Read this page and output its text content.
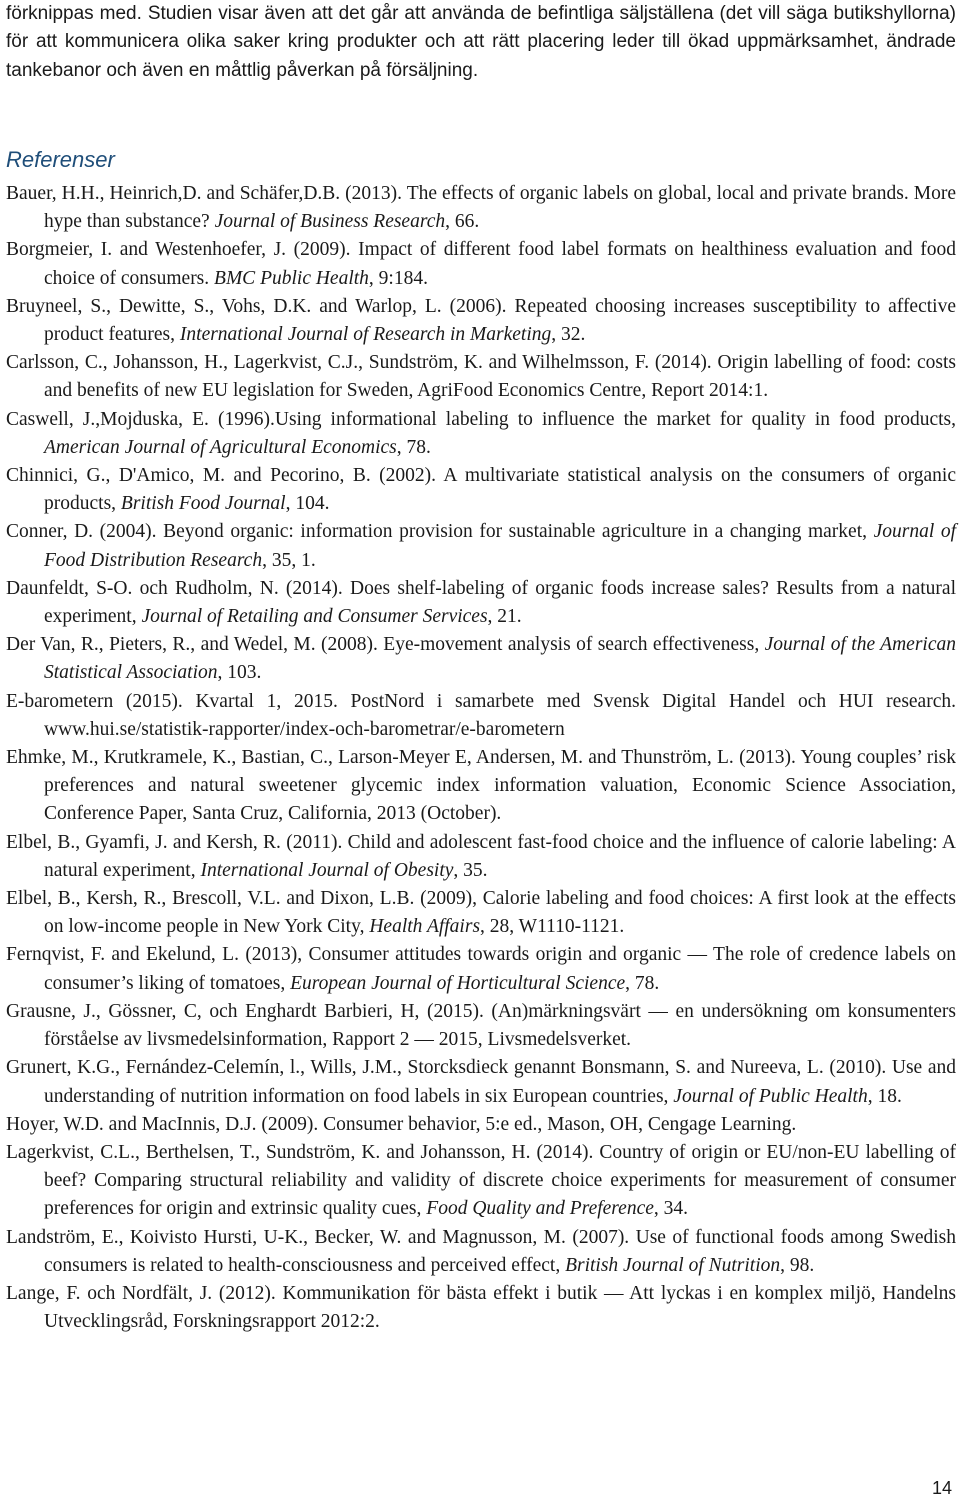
förknippas med. Studien visar även att det går att använda de befintliga säljställena (det vill säga butikshyllorna) för att kommunicera olika saker kring produkter och att rätt placering leder till ökad uppmärksamhet, ändrade tankebanor och även en måttlig påverkan på försäljning.

Referenser

Bauer, H.H., Heinrich,D. and Schäfer,D.B. (2013). The effects of organic labels on global, local and private brands. More hype than substance? Journal of Business Research, 66.

Borgmeier, I. and Westenhoefer, J. (2009). Impact of different food label formats on healthiness evaluation and food choice of consumers. BMC Public Health, 9:184.

Bruyneel, S., Dewitte, S., Vohs, D.K. and Warlop, L. (2006). Repeated choosing increases susceptibility to affective product features, International Journal of Research in Marketing, 32.

Carlsson, C., Johansson, H., Lagerkvist, C.J., Sundström, K. and Wilhelmsson, F. (2014). Origin labelling of food: costs and benefits of new EU legislation for Sweden, AgriFood Economics Centre, Report 2014:1.

Caswell, J.,Mojduska, E. (1996).Using informational labeling to influence the market for quality in food products, American Journal of Agricultural Economics, 78.

Chinnici, G., D'Amico, M. and Pecorino, B. (2002). A multivariate statistical analysis on the consumers of organic products, British Food Journal, 104.

Conner, D. (2004). Beyond organic: information provision for sustainable agriculture in a changing market, Journal of Food Distribution Research, 35, 1.

Daunfeldt, S-O. och Rudholm, N. (2014). Does shelf-labeling of organic foods increase sales? Results from a natural experiment, Journal of Retailing and Consumer Services, 21.

Der Van, R., Pieters, R., and Wedel, M. (2008). Eye-movement analysis of search effectiveness, Journal of the American Statistical Association, 103.

E-barometern (2015). Kvartal 1, 2015. PostNord i samarbete med Svensk Digital Handel och HUI research. www.hui.se/statistik-rapporter/index-och-barometrar/e-barometern

Ehmke, M., Krutkramele, K., Bastian, C., Larson-Meyer E, Andersen, M. and Thunström, L. (2013). Young couples’ risk preferences and natural sweetener glycemic index information valuation, Economic Science Association, Conference Paper, Santa Cruz, California, 2013 (October).

Elbel, B., Gyamfi, J. and Kersh, R. (2011). Child and adolescent fast-food choice and the influence of calorie labeling: A natural experiment, International Journal of Obesity, 35.

Elbel, B., Kersh, R., Brescoll, V.L. and Dixon, L.B. (2009), Calorie labeling and food choices: A first look at the effects on low-income people in New York City, Health Affairs, 28, W1110-1121.

Fernqvist, F. and Ekelund, L. (2013), Consumer attitudes towards origin and organic — The role of credence labels on consumer’s liking of tomatoes, European Journal of Horticultural Science, 78.

Grausne, J., Gössner, C, och Enghardt Barbieri, H, (2015). (An)märkningsvärt — en undersökning om konsumenters förståelse av livsmedelsinformation, Rapport 2 — 2015, Livsmedelsverket.

Grunert, K.G., Fernández-Celemín, l., Wills, J.M., Storcksdieck genannt Bonsmann, S. and Nureeva, L. (2010). Use and understanding of nutrition information on food labels in six European countries, Journal of Public Health, 18.

Hoyer, W.D. and MacInnis, D.J. (2009). Consumer behavior, 5:e ed., Mason, OH, Cengage Learning.

Lagerkvist, C.L., Berthelsen, T., Sundström, K. and Johansson, H. (2014). Country of origin or EU/non-EU labelling of beef? Comparing structural reliability and validity of discrete choice experiments for measurement of consumer preferences for origin and extrinsic quality cues, Food Quality and Preference, 34.

Landström, E., Koivisto Hursti, U-K., Becker, W. and Magnusson, M. (2007). Use of functional foods among Swedish consumers is related to health-consciousness and perceived effect, British Journal of Nutrition, 98.

Lange, F. och Nordfält, J. (2012). Kommunikation för bästa effekt i butik — Att lyckas i en komplex miljö, Handelns Utvecklingsråd, Forskningsrapport 2012:2.

14
